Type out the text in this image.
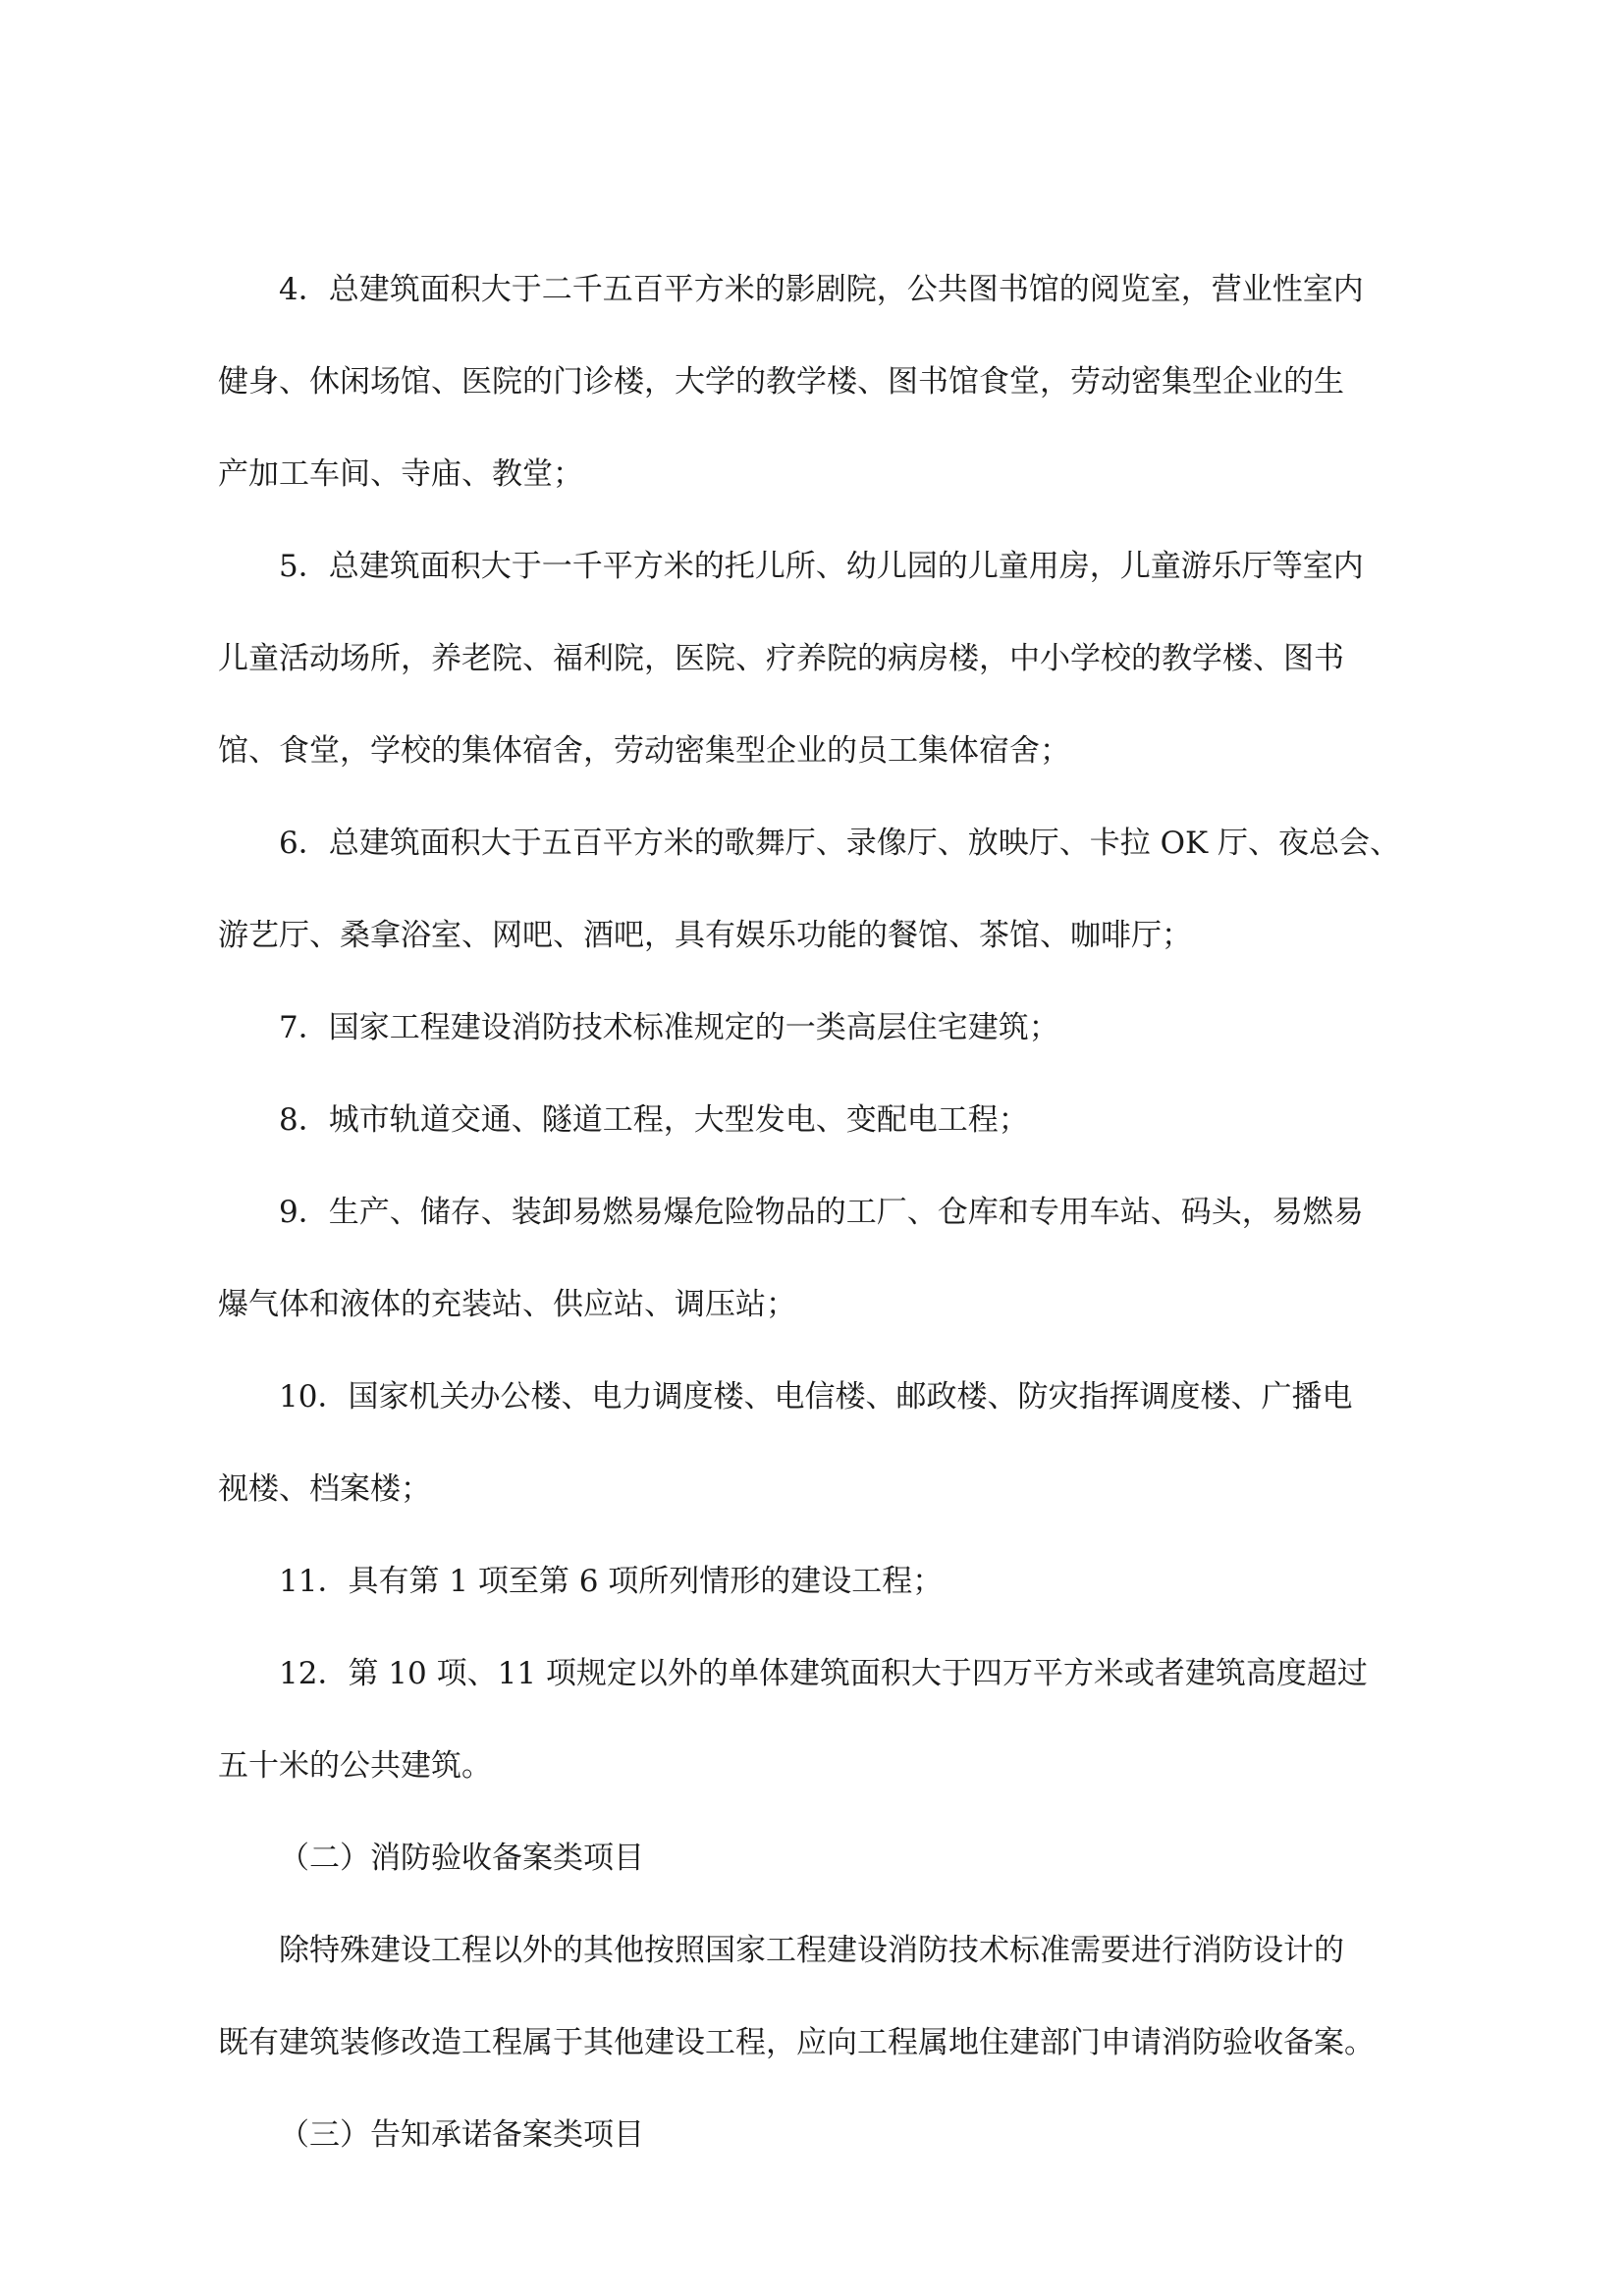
4．总建筑面积大于二千五百平方米的影剧院，公共图书馆的阅览室，营业性室内
健身、休闲场馆、医院的门诊楼，大学的教学楼、图书馆食堂，劳动密集型企业的生
产加工车间、寺庙、教堂；
5．总建筑面积大于一千平方米的托儿所、幼儿园的儿童用房，儿童游乐厅等室内
儿童活动场所，养老院、福利院，医院、疗养院的病房楼，中小学校的教学楼、图书
馆、食堂，学校的集体宿舍，劳动密集型企业的员工集体宿舍；
6．总建筑面积大于五百平方米的歌舞厅、录像厅、放映厅、卡拉 OK 厅、夜总会、
游艺厅、桑拿浴室、网吧、酒吧，具有娱乐功能的餐馆、茶馆、咖啡厅；
7．国家工程建设消防技术标准规定的一类高层住宅建筑；
8．城市轨道交通、隧道工程，大型发电、变配电工程；
9．生产、储存、装卸易燃易爆危险物品的工厂、仓库和专用车站、码头，易燃易
爆气体和液体的充装站、供应站、调压站；
10．国家机关办公楼、电力调度楼、电信楼、邮政楼、防灾指挥调度楼、广播电
视楼、档案楼；
11．具有第 1 项至第 6 项所列情形的建设工程；
12．第 10 项、11 项规定以外的单体建筑面积大于四万平方米或者建筑高度超过
五十米的公共建筑。
（二）消防验收备案类项目
除特殊建设工程以外的其他按照国家工程建设消防技术标准需要进行消防设计的
既有建筑装修改造工程属于其他建设工程，应向工程属地住建部门申请消防验收备案。
（三）告知承诺备案类项目
